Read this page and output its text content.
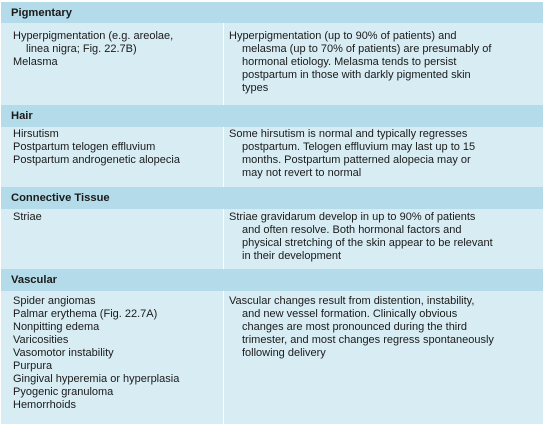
Pigmentary
Hyperpigmentation (e.g. areolae,
linea nigra; Fig. 22.7B)
Melasma
Hyperpigmentation (up to 90% of patients) and
melasma (up to 70% of patients) are presumably of
hormonal etiology. Melasma tends to persist
postpartum in those with darkly pigmented skin
types
Hair
Hirsutism
Postpartum telogen effluvium
Postpartum androgenetic alopecia
Some hirsutism is normal and typically regresses
postpartum. Telogen effluvium may last up to 15
months. Postpartum patterned alopecia may or
may not revert to normal
Connective Tissue
Striae	Striae gravidarum develop in up to 90% of patients
and often resolve. Both hormonal factors and
physical stretching of the skin appear to be relevant
in their development
Vascular
Spider angiomas
Palmar erythema (Fig. 22.7A)
Nonpitting edema
Varicosities
Vasomotor instability
Purpura
Gingival hyperemia or hyperplasia
Pyogenic granuloma
Hemorrhoids
Vascular changes result from distention, instability,
and new vessel formation. Clinically obvious
changes are most pronounced during the third
trimester, and most changes regress spontaneously
following delivery
